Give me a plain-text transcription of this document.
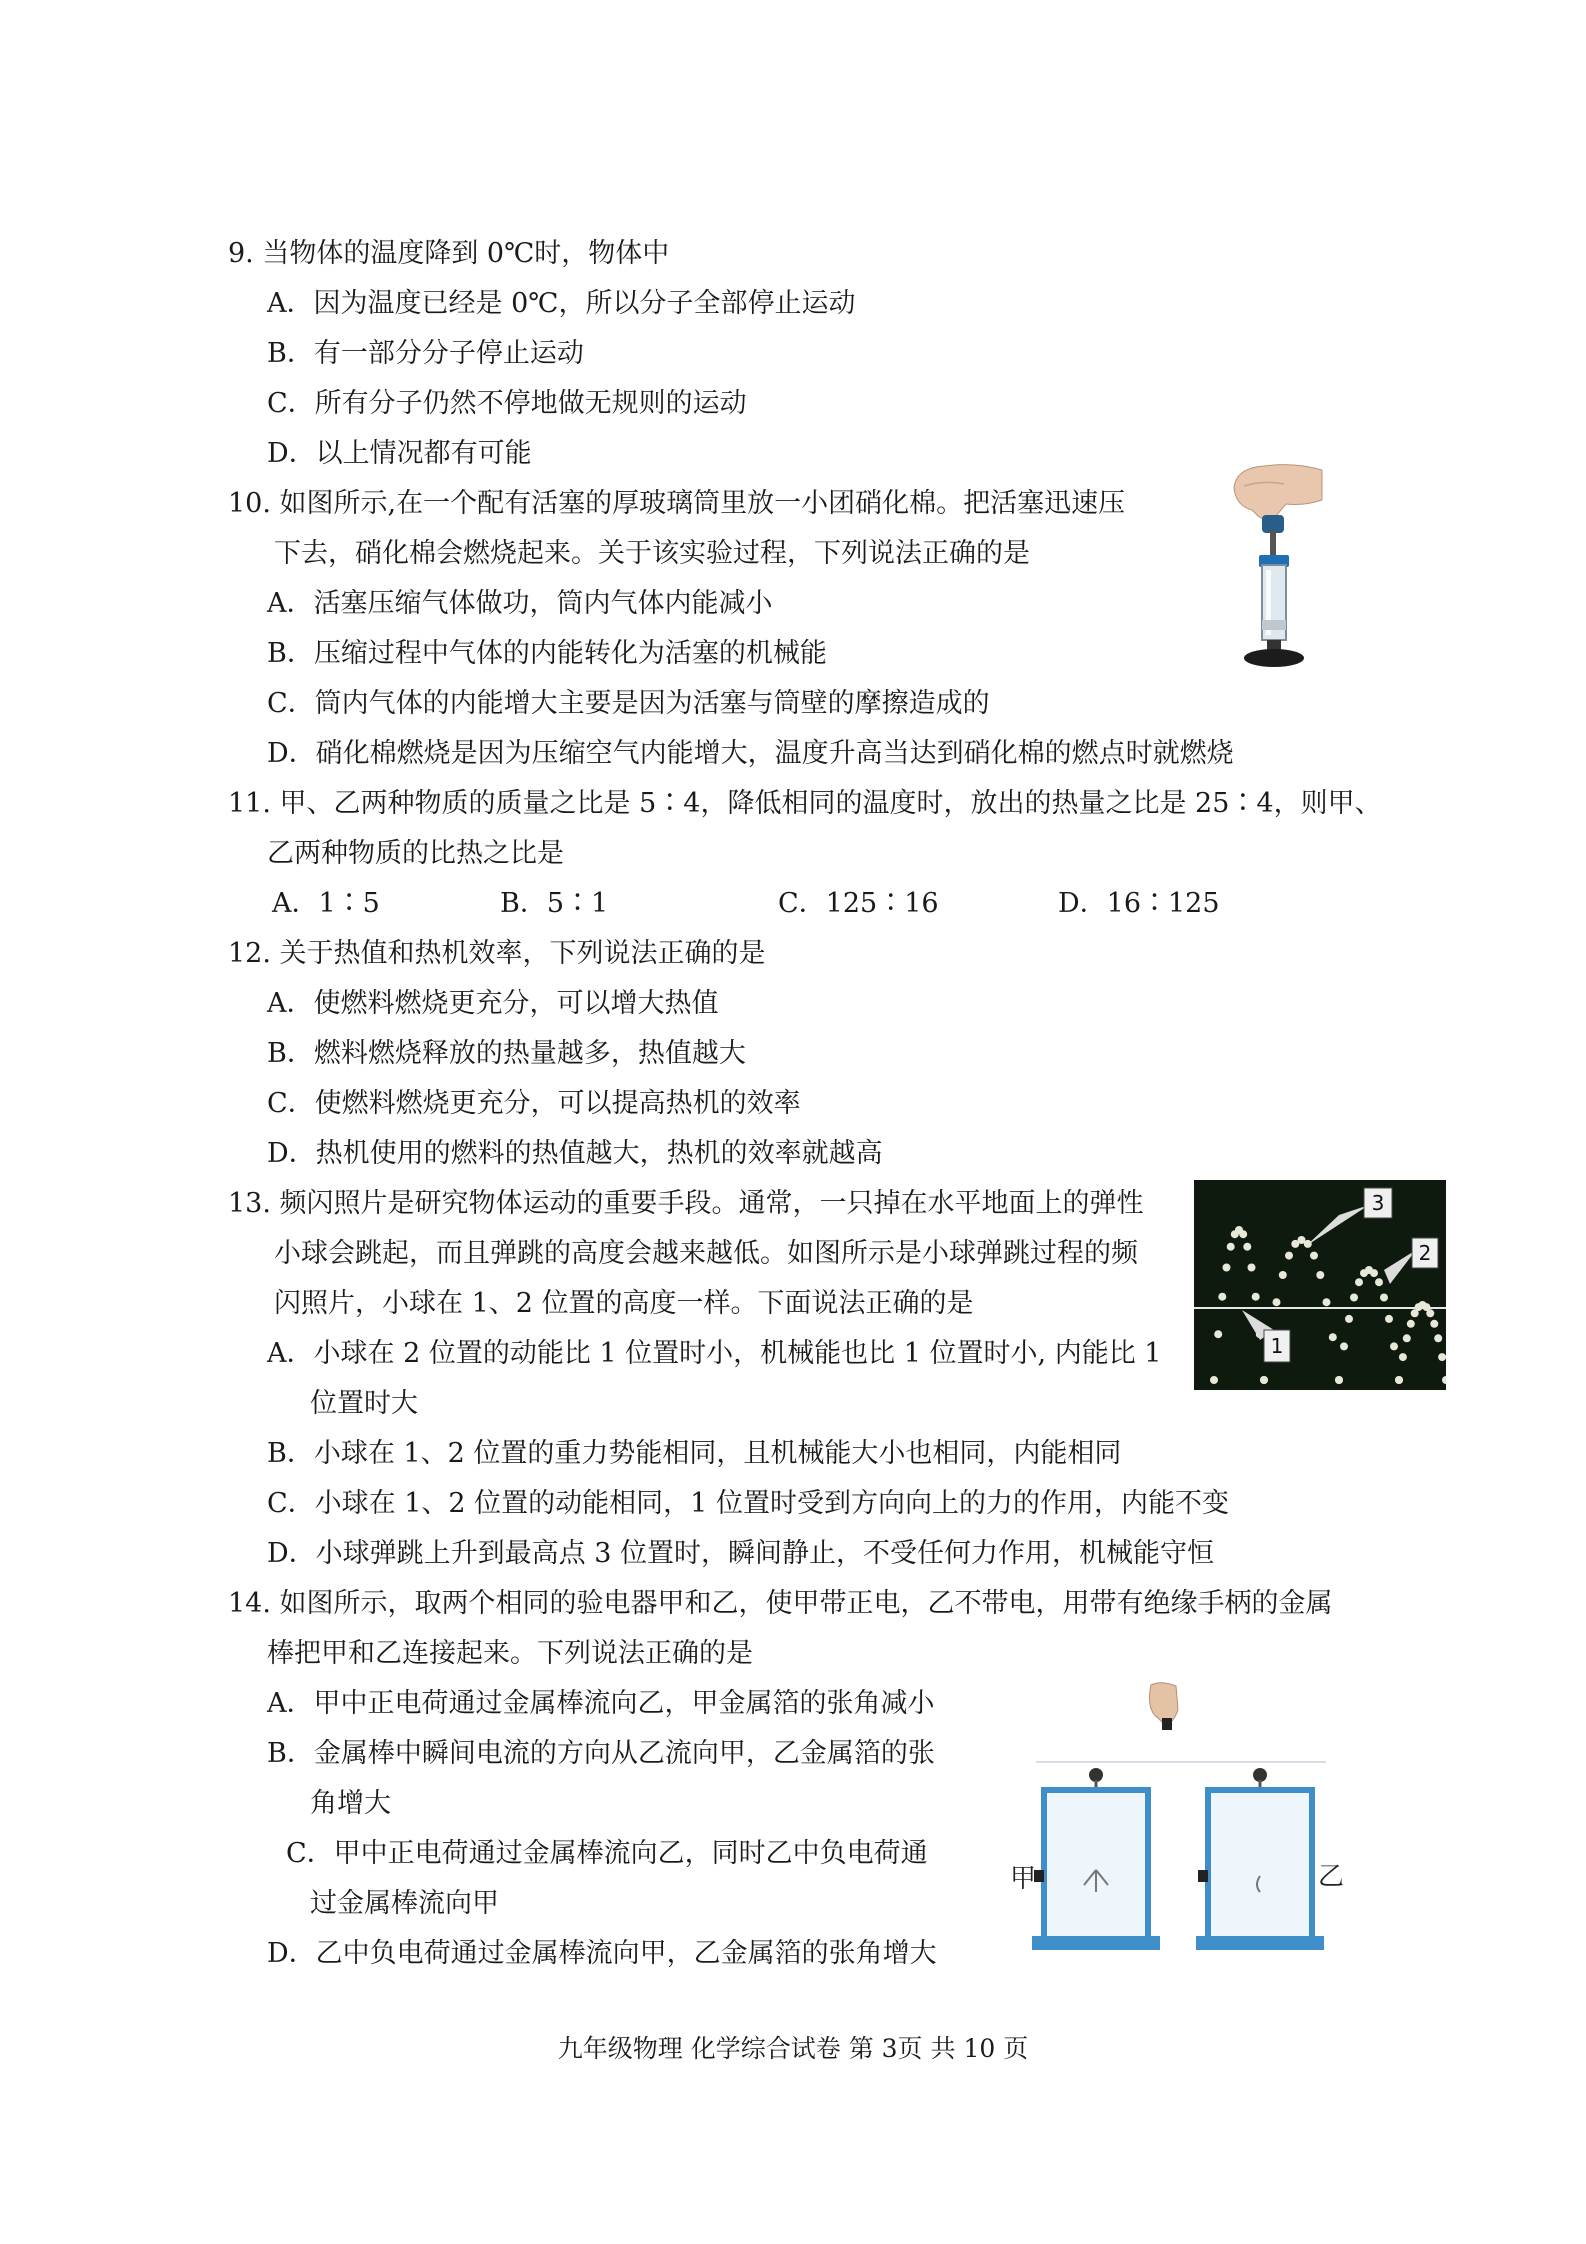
9. 当物体的温度降到 0℃时，物体中
A．因为温度已经是 0℃，所以分子全部停止运动
B．有一部分分子停止运动
C．所有分子仍然不停地做无规则的运动
D．以上情况都有可能
10. 如图所示,在一个配有活塞的厚玻璃筒里放一小团硝化棉。把活塞迅速压
下去，硝化棉会燃烧起来。关于该实验过程，下列说法正确的是
A．活塞压缩气体做功，筒内气体内能减小
B．压缩过程中气体的内能转化为活塞的机械能
C．筒内气体的内能增大主要是因为活塞与筒壁的摩擦造成的
D．硝化棉燃烧是因为压缩空气内能增大，温度升高当达到硝化棉的燃点时就燃烧
11. 甲、乙两种物质的质量之比是 5∶4，降低相同的温度时，放出的热量之比是 25∶4，则甲、
乙两种物质的比热之比是
A．1∶5	B．5∶1	C．125∶16	D．16∶125
12. 关于热值和热机效率，下列说法正确的是
A．使燃料燃烧更充分，可以增大热值
B．燃料燃烧释放的热量越多，热值越大
C．使燃料燃烧更充分，可以提高热机的效率
D．热机使用的燃料的热值越大，热机的效率就越高
13. 频闪照片是研究物体运动的重要手段。通常，一只掉在水平地面上的弹性
小球会跳起，而且弹跳的高度会越来越低。如图所示是小球弹跳过程的频
闪照片，小球在 1、2 位置的高度一样。下面说法正确的是
A．小球在 2 位置的动能比 1 位置时小，机械能也比 1 位置时小, 内能比 1
位置时大
B．小球在 1、2 位置的重力势能相同，且机械能大小也相同，内能相同
C．小球在 1、2 位置的动能相同，1 位置时受到方向向上的力的作用，内能不变
D．小球弹跳上升到最高点 3 位置时，瞬间静止，不受任何力作用，机械能守恒
3
2
1
14. 如图所示，取两个相同的验电器甲和乙，使甲带正电，乙不带电，用带有绝缘手柄的金属
棒把甲和乙连接起来。下列说法正确的是
A．甲中正电荷通过金属棒流向乙，甲金属箔的张角减小
B．金属棒中瞬间电流的方向从乙流向甲，乙金属箔的张
角增大
C．甲中正电荷通过金属棒流向乙，同时乙中负电荷通
过金属棒流向甲
D．乙中负电荷通过金属棒流向甲，乙金属箔的张角增大
甲	乙
九年级物理 化学综合试卷 第 3页 共 10 页
